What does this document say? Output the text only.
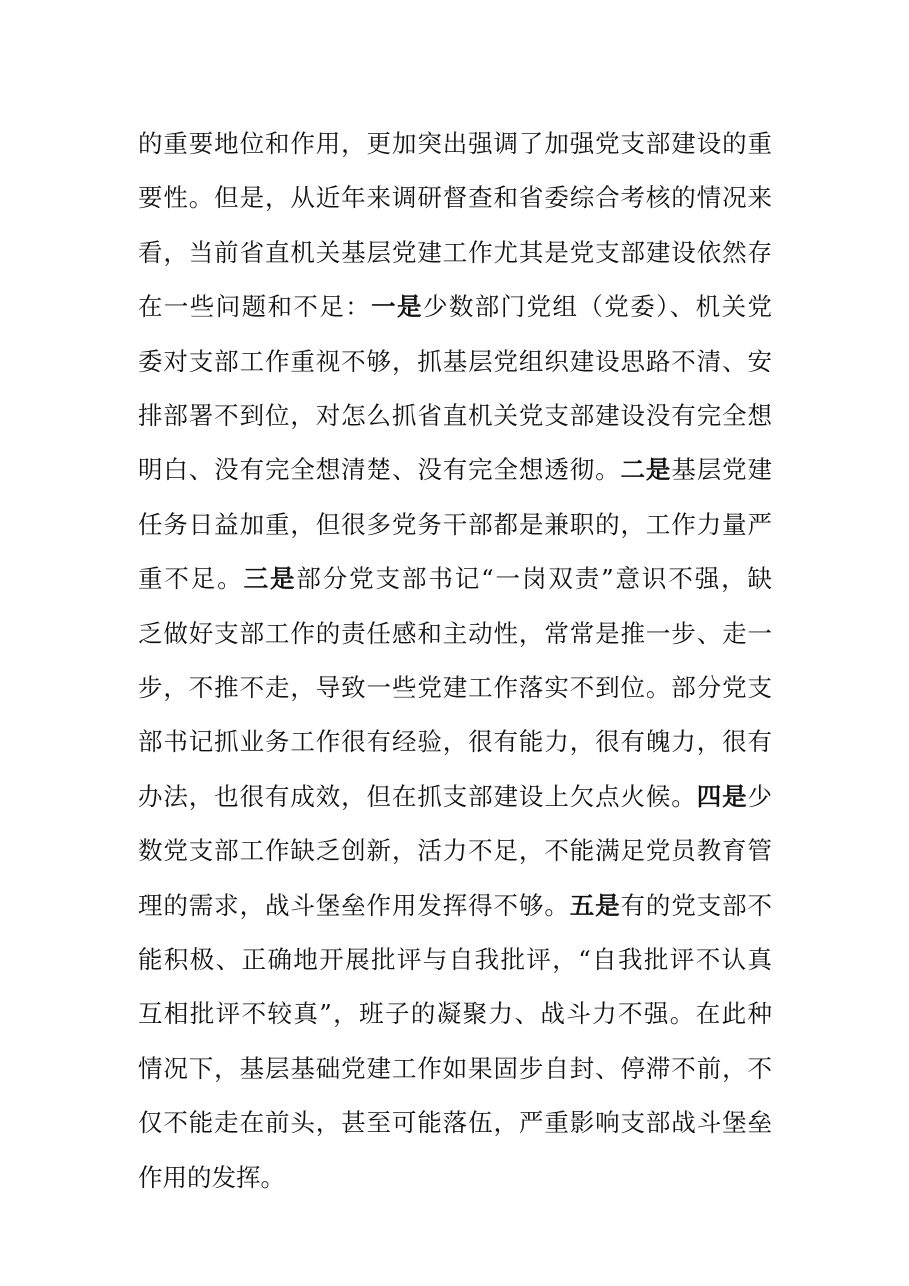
的重要地位和作用，更加突出强调了加强党支部建设的重
要性。但是，从近年来调研督查和省委综合考核的情况来
看，当前省直机关基层党建工作尤其是党支部建设依然存
在一些问题和不足：一是少数部门党组（党委）、机关党
委对支部工作重视不够，抓基层党组织建设思路不清、安
排部署不到位，对怎么抓省直机关党支部建设没有完全想
明白、没有完全想清楚、没有完全想透彻。二是基层党建
任务日益加重，但很多党务干部都是兼职的，工作力量严
重不足。三是部分党支部书记“一岗双责”意识不强，缺
乏做好支部工作的责任感和主动性，常常是推一步、走一
步，不推不走，导致一些党建工作落实不到位。部分党支
部书记抓业务工作很有经验，很有能力，很有魄力，很有
办法，也很有成效，但在抓支部建设上欠点火候。四是少
数党支部工作缺乏创新，活力不足，不能满足党员教育管
理的需求，战斗堡垒作用发挥得不够。五是有的党支部不
能积极、正确地开展批评与自我批评，“自我批评不认真
互相批评不较真”，班子的凝聚力、战斗力不强。在此种
情况下，基层基础党建工作如果固步自封、停滞不前，不
仅不能走在前头，甚至可能落伍，严重影响支部战斗堡垒
作用的发挥。
